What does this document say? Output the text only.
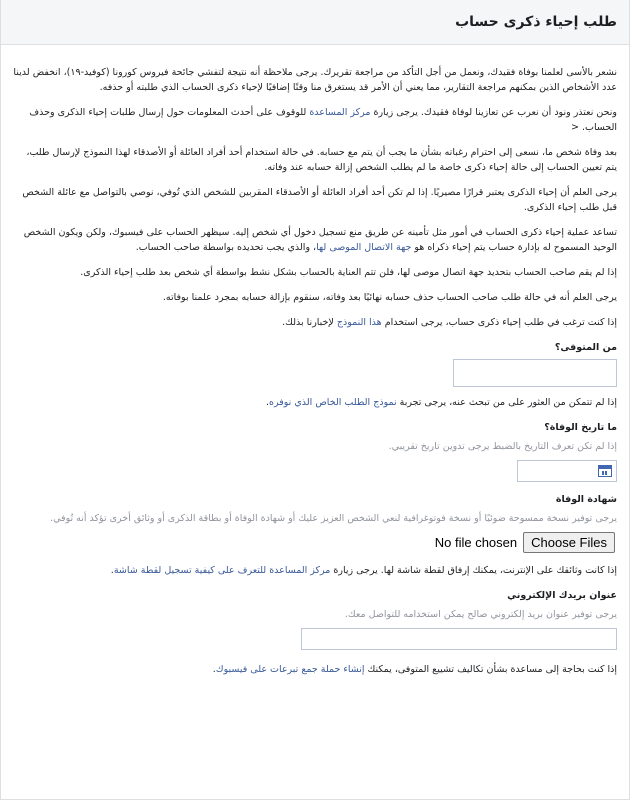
طلب إحياء ذكرى حساب

نشعر بالأسى لعلمنا بوفاة فقيدك، ونعمل من أجل التأكد من مراجعة تقريرك. يرجى ملاحظة أنه نتيجة لتفشي جائحة فيروس كورونا (كوفيد-١٩)، انخفض لدينا عدد الأشخاص الذين بمكنهم مراجعة التقارير، مما يعني أن الأمر قد يستغرق منا وقتًا إضافيًا لإحياء ذكرى الحساب الذي طلبته أو حذفه.

ونحن نعتذر ونود أن نعرب عن تعازينا لوفاة فقيدك. يرجى زيارة مركز المساعدة للوقوف على أحدث المعلومات حول إرسال طلبات إحياء الذكرى وحذف الحساب. <

بعد وفاة شخص ما، نسعى إلى احترام رغباته بشأن ما يجب أن يتم مع حسابه. في حالة استخدام أحد أفراد العائلة أو الأصدقاء لهذا النموذج لإرسال طلب، يتم تعيين الحساب إلى حالة إحياء ذكرى خاصة ما لم يطلب الشخص إزالة حسابه عند وفاته.

يرجى العلم أن إحياء الذكرى يعتبر قرارًا مصيريًا. إذا لم تكن أحد أفراد العائلة أو الأصدقاء المقربين للشخص الذي تُوفي، نوصي بالتواصل مع عائلة الشخص قبل طلب إحياء الذكرى.

تساعد عملية إحياء ذكرى الحساب في أمور مثل تأمينه عن طريق منع تسجيل دخول أي شخص إليه. سيظهر الحساب على فيسبوك، ولكن ويكون الشخص الوحيد المسموح له بإدارة حساب يتم إحياء ذكراه هو جهة الاتصال الموصى لها، والذي يجب تحديده بواسطة صاحب الحساب.

إذا لم يقم صاحب الحساب بتحديد جهة اتصال موصى لها، فلن تتم العناية بالحساب بشكل نشط بواسطة أي شخص بعد طلب إحياء الذكرى.

يرجى العلم أنه في حالة طلب صاحب الحساب حذف حسابه نهائيًا بعد وفاته، سنقوم بإزالة حسابه بمجرد علمنا بوفاته.

إذا كنت ترغب في طلب إحياء ذكرى حساب، يرجى استخدام هذا النموذج لإخبارنا بذلك.

من المتوفى؟

إذا لم تتمكن من العثور على من تبحث عنه، يرجى تجربة نموذج الطلب الخاص الذي نوفره.

ما تاريخ الوفاة؟
إذا لم تكن تعرف التاريخ بالضبط يرجى تدوين تاريخ تقريبي.
شهادة الوفاة
يرجى توفير نسخة ممسوحة ضوئيًا أو نسخة فوتوغرافية لنعي الشخص العزيز عليك أو شهادة الوفاة أو بطاقة الذكرى أو وثائق أخرى تؤكد أنه تُوفي.
No file chosen	Choose Files

إذا كانت وثائقك على الإنترنت، يمكنك إرفاق لقطة شاشة لها. يرجى زيارة مركز المساعدة للتعرف على كيفية تسجيل لقطة شاشة.

عنوان بريدك الإلكتروني
يرجى توفير عنوان بريد إلكتروني صالح يمكن استخدامه للتواصل معك.

إذا كنت بحاجة إلى مساعدة بشأن تكاليف تشييع المتوفى، يمكنك إنشاء حملة جمع تبرعات على فيسبوك.
